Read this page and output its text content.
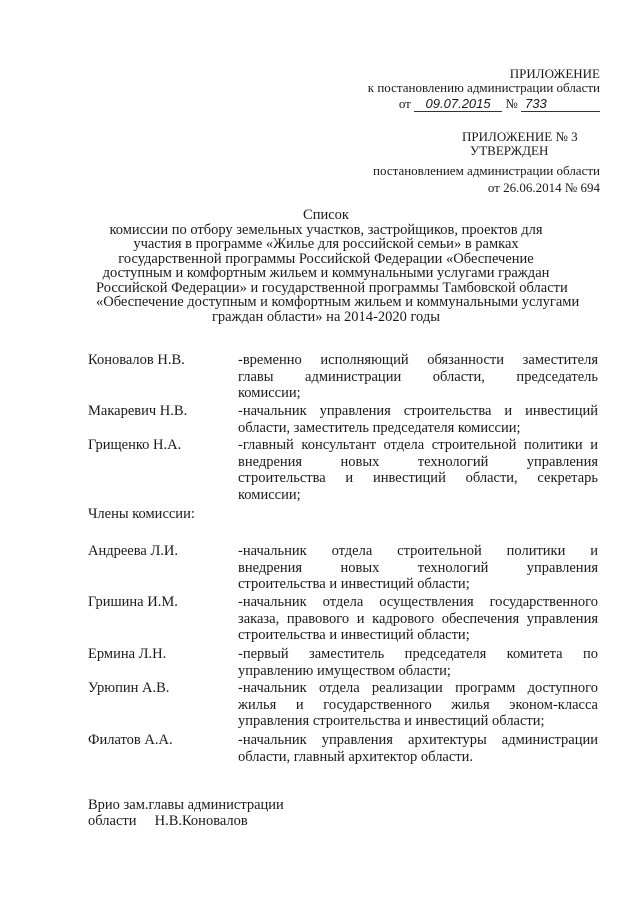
ПРИЛОЖЕНИЕ
к постановлению администрации области
от 09.07.2015 № 733
ПРИЛОЖЕНИЕ № 3
УТВЕРЖДЕН
постановлением администрации области
от 26.06.2014 № 694
Список
комиссии по отбору земельных участков, застройщиков, проектов для
участия в программе «Жилье для российской семьи» в рамках
государственной программы Российской Федерации «Обеспечение
доступным и комфортным жильем и коммунальными услугами граждан
Российской Федерации» и государственной программы Тамбовской области
«Обеспечение доступным и комфортным жильем и коммунальными услугами
граждан области» на 2014-2020 годы
Коновалов Н.В.	-временно исполняющий обязанности заместителя
главы администрации области, председатель
комиссии;
Макаревич Н.В.	-начальник управления строительства и инвестиций
области, заместитель председателя комиссии;
Грищенко Н.А.	-главный консультант отдела строительной политики и
внедрения новых технологий управления
строительства и инвестиций области, секретарь
комиссии;
Члены комиссии:
Андреева Л.И.	-начальник отдела строительной политики и
внедрения новых технологий управления
строительства и инвестиций области;
Гришина И.М.	-начальник отдела осуществления государственного
заказа, правового и кадрового обеспечения управления
строительства и инвестиций области;
Ермина Л.Н.	-первый заместитель председателя комитета по
управлению имуществом области;
Урюпин А.В.	-начальник отдела реализации программ доступного
жилья и государственного жилья эконом-класса
управления строительства и инвестиций области;
Филатов А.А.	-начальник управления архитектуры администрации
области, главный архитектор области.
Врио зам.главы администрации
области     Н.В.Коновалов
